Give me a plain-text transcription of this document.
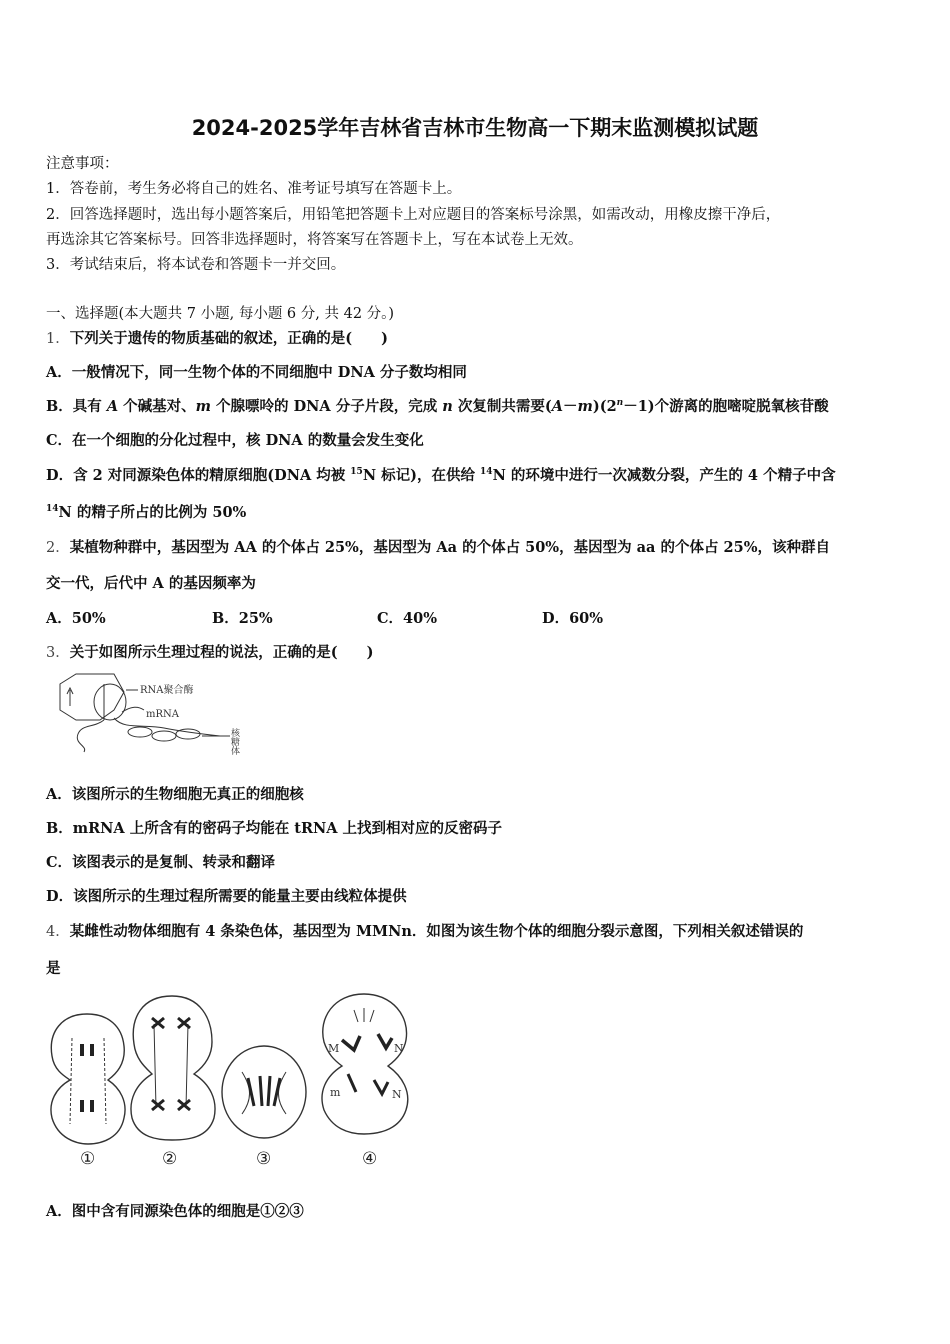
2024-2025学年吉林省吉林市生物高一下期末监测模拟试题
注意事项：
1．答卷前，考生务必将自己的姓名、准考证号填写在答题卡上。
2．回答选择题时，选出每小题答案后，用铅笔把答题卡上对应题目的答案标号涂黑，如需改动，用橡皮擦干净后，
再选涂其它答案标号。回答非选择题时，将答案写在答题卡上，写在本试卷上无效。
3．考试结束后，将本试卷和答题卡一并交回。
一、选择题(本大题共 7 小题, 每小题 6 分, 共 42 分。)
1．下列关于遗传的物质基础的叙述，正确的是(　　)
A．一般情况下，同一生物个体的不同细胞中 DNA 分子数均相同
B．具有 A 个碱基对、m 个腺嘌呤的 DNA 分子片段，完成 n 次复制共需要$(A-m)(2^n-1)$个游离的胞嘧啶脱氧核苷酸
C．在一个细胞的分化过程中，核 DNA 的数量会发生变化
D．含 2 对同源染色体的精原细胞(DNA 均被 $^{15}$N 标记)，在供给 $^{14}$N 的环境中进行一次减数分裂，产生的 4 个精子中含
$^{14}$N 的精子所占的比例为 50%
2．某植物种群中，基因型为 AA 的个体占 25%，基因型为 Aa 的个体占 50%，基因型为 aa 的个体占 25%，该种群自
交一代，后代中 A 的基因频率为
A．50%	B．25%	C．40%	D．60%
3．关于如图所示生理过程的说法，正确的是(　　)
RNA聚合酶
mRNA
核糖体
A．该图所示的生物细胞无真正的细胞核
B．mRNA 上所含有的密码子均能在 tRNA 上找到相对应的反密码子
C．该图表示的是复制、转录和翻译
D．该图所示的生理过程所需要的能量主要由线粒体提供
4．某雌性动物体细胞有 4 条染色体，基因型为 MMNn．如图为该生物个体的细胞分裂示意图，下列相关叙述错误的
是
M	N
m	N
①	②	③	④
A．图中含有同源染色体的细胞是①②③
